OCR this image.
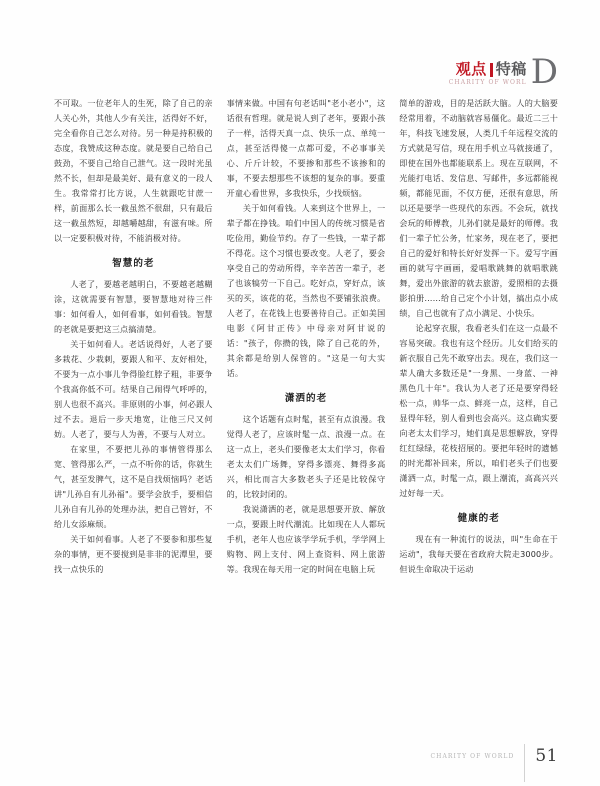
观点 特稿
CHARITY OF WORL D

不可取。一位老年人的生死，除了自己的亲人关心外，其他人少有关注，活得好不好，完全看你自己怎么对待。另一种是持积极的态度，我赞成这种态度。就是要自己给自己鼓劲，不要自己给自己泄气。这一段时光虽然不长，但却是最美好、最有意义的一段人生。我常常打比方说，人生就跟吃甘蔗一样，前面那么长一截虽然不很甜，只有最后这一截虽然短，却越嚼越甜，有滋有味。所以一定要积极对待，不能消极对待。

智慧的老

人老了，要越老越明白，不要越老越糊涂，这就需要有智慧，要智慧地对待三件事：如何看人，如何看事，如何看钱。智慧的老就是要把这三点搞清楚。

关于如何看人。老话说得好，人老了要多栽花、少栽刺，要跟人和平、友好相处，不要为一点小事儿争得脸红脖子粗，非要争个我高你低不可。结果自己闹得气呼呼的，别人也很不高兴。非原则的小事，何必跟人过不去。退后一步天地宽，让他三尺又何妨。人老了，要与人为善，不要与人对立。

在家里，不要把儿孙的事情管得那么宽、管得那么严，一点不听你的话，你就生气，甚至发脾气，这不是自找烦恼吗？老话讲"儿孙自有儿孙福"。要学会放手，要相信儿孙自有儿孙的处理办法，把自己管好，不给儿女添麻烦。

关于如何看事。人老了不要参和那些复杂的事情，更不要搅到是非非的泥潭里，要找一点快乐的

事情来做。中国有句老话叫"老小老小"，这话很有哲理。就是说人到了老年，要跟小孩子一样，活得天真一点、快乐一点、单纯一点，甚至活得傻一点都可爱，不必事事关心、斤斤计较，不要掺和那些不该掺和的事，不要去想那些不该想的复杂的事。要重开童心看世界，多我快乐，少找烦恼。

关于如何看钱。人来到这个世界上，一辈子都在挣钱。咱们中国人的传统习惯是省吃俭用，勤俭节约。存了一些钱，一辈子都不得花。这个习惯也要改变。人老了，要会享受自己的劳动所得，辛辛苦苦一辈子，老了也该犒劳一下自己。吃好点，穿好点，该买的买，该花的花，当然也不要铺张浪费。人老了，在花钱上也要善待自己。正如美国电影《阿甘正传》中母亲对阿甘说的话："孩子，你攒的钱，除了自己花的外，其余都是给别人保管的。"这是一句大实话。

潇洒的老

这个话题有点时髦，甚至有点浪漫。我觉得人老了，应该时髦一点、浪漫一点。在这一点上，老头们要像老太太们学习，你看老太太们广场舞，穿得多漂亮、舞得多高兴，相比而言大多数老头子还是比较保守的，比较封闭的。

我说潇洒的老，就是思想要开放、解放一点，要跟上时代潮流。比如现在人人都玩手机，老年人也应该学学玩手机，学学网上购物、网上支付、网上查资料、网上旅游等。我现在每天用一定的时间在电脑上玩

简单的游戏，目的是活跃大脑。人的大脑要经常用着，不动脑就容易僵化。最近二三十年，科技飞速发展，人类几千年远程交流的方式就是写信，现在用手机立马就接通了，即使在国外也都能联系上。现在互联网，不光能打电话、发信息、写邮件，多远都能视频，都能见面，不仅方便，还很有意思，所以还是要学一些现代的东西。不会玩，就找会玩的师傅教，儿孙们就是最好的师傅。我们一辈子忙公务，忙家务，现在老了，要把自己的爱好和特长好好发挥一下。爱写字画画的就写字画画，爱唱歌跳舞的就唱歌跳舞，爱出外旅游的就去旅游，爱照相的去摄影拍册……给自己定个小计划，搞出点小成绩，自己也就有了点小满足、小快乐。

论起穿衣服，我看老头们在这一点最不容易突破。我也有这个经历。儿女们给买的新衣服自己先不敢穿出去。现在，我们这一辈人确大多数还是"一身黑、一身蓝、一神黑色几十年"。我认为人老了还是要穿得轻松一点，帅华一点、鲜亮一点，这样，自己显得年轻，别人看到也会高兴。这点确实要向老太太们学习，她们真是思想解放，穿得红红绿绿，花枝招展的。要把年轻时的遗憾的时光都补回来，所以，咱们老头子们也要潇洒一点，时髦一点，跟上潮流，高高兴兴过好每一天。

健康的老

现在有一种流行的说法，叫"生命在于运动"，我每天要在省政府大院走3000步。但说生命取决于运动

CHARITY OF WORLD 51
